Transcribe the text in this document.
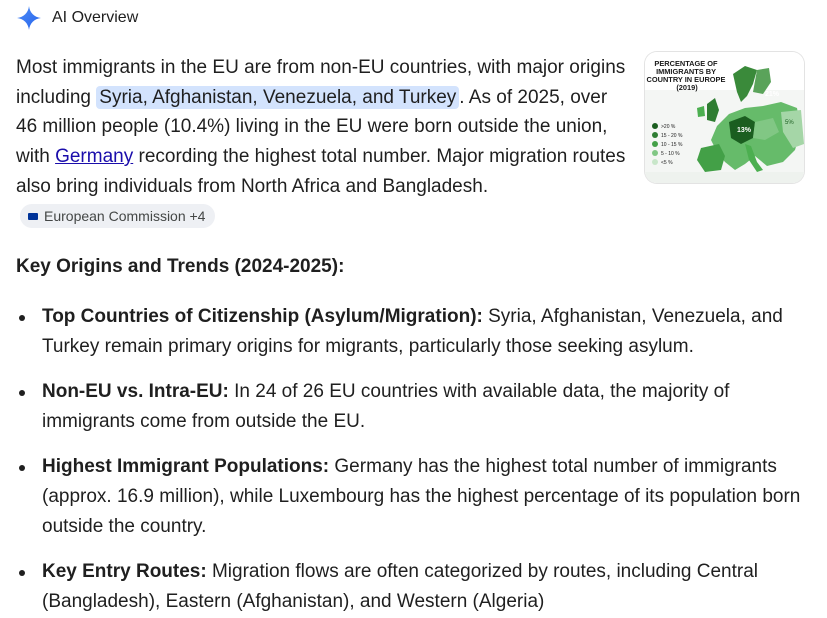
AI Overview

Most immigrants in the EU are from non-EU countries, with major origins including Syria, Afghanistan, Venezuela, and Turkey . As of 2025, over 46 million people (10.4%) living in the EU were born outside the union, with Germany recording the highest total number. Major migration routes also bring individuals from North Africa and Bangladesh.
European Commission +4

21%
13%
5%
PERCENTAGE OF IMMIGRANTS BY COUNTRY IN EUROPE (2019)
>20 %
15 - 20 %
10 - 15 %
5 - 10 %
<5 %
Key Origins and Trends (2024-2025):
Top Countries of Citizenship (Asylum/Migration): Syria, Afghanistan, Venezuela, and Turkey remain primary origins for migrants, particularly those seeking asylum.
Non-EU vs. Intra-EU: In 24 of 26 EU countries with available data, the majority of immigrants come from outside the EU.
Highest Immigrant Populations: Germany has the highest total number of immigrants (approx. 16.9 million), while Luxembourg has the highest percentage of its population born outside the country.
Key Entry Routes: Migration flows are often categorized by routes, including Central (Bangladesh), Eastern (Afghanistan), and Western (Algeria)
